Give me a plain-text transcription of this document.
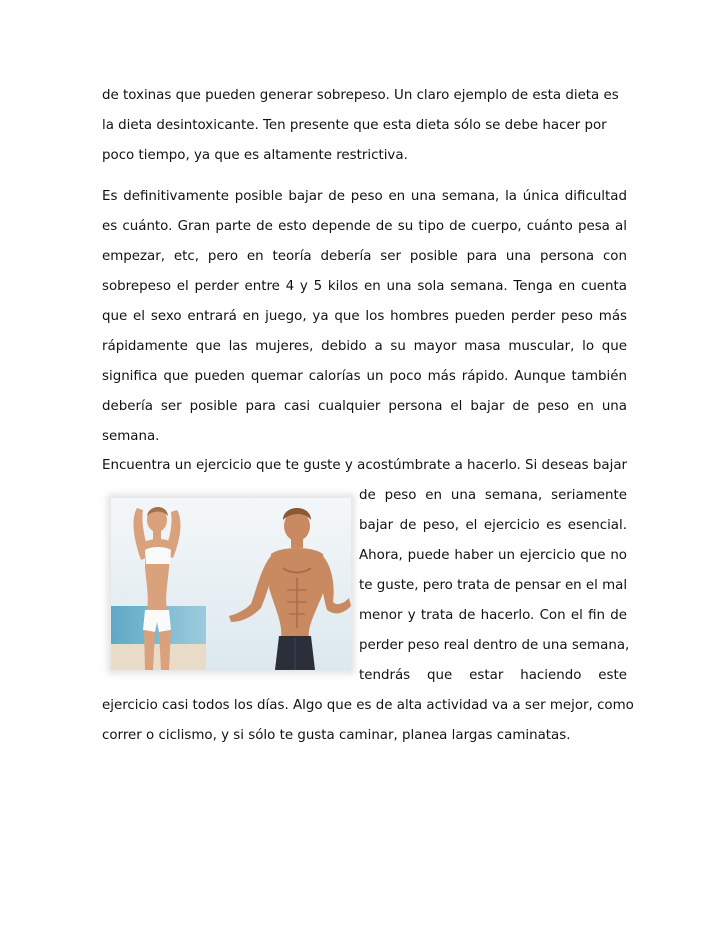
de toxinas que pueden generar sobrepeso. Un claro ejemplo de esta dieta es la dieta desintoxicante. Ten presente que esta dieta sólo se debe hacer por poco tiempo, ya que es altamente restrictiva.

Es definitivamente posible bajar de peso en una semana, la única dificultad es cuánto. Gran parte de esto depende de su tipo de cuerpo, cuánto pesa al empezar, etc, pero en teoría debería ser posible para una persona con sobrepeso el perder entre 4 y 5 kilos en una sola semana. Tenga en cuenta que el sexo entrará en juego, ya que los hombres pueden perder peso más rápidamente que las mujeres, debido a su mayor masa muscular, lo que significa que pueden quemar calorías un poco más rápido. Aunque también debería ser posible para casi cualquier persona el bajar de peso en una semana.

Encuentra un ejercicio que te guste y acostúmbrate a hacerlo. Si deseas bajar
de peso en una semana, seriamente
bajar de peso, el ejercicio es esencial.
Ahora, puede haber un ejercicio que no
te guste, pero trata de pensar en el mal
menor y trata de hacerlo. Con el fin de
perder peso real dentro de una semana,
tendrás que estar haciendo este
ejercicio casi todos los días. Algo que es de alta actividad va a ser mejor, como
correr o ciclismo, y si sólo te gusta caminar, planea largas caminatas.
